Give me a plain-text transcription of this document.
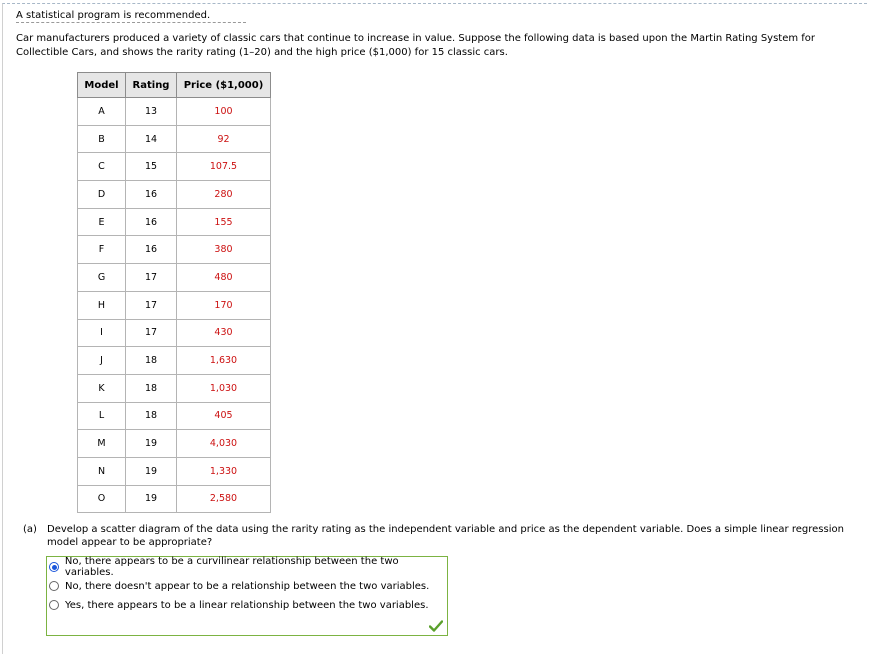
A statistical program is recommended.
Car manufacturers produced a variety of classic cars that continue to increase in value. Suppose the following data is based upon the Martin Rating System for Collectible Cars, and shows the rarity rating (1–20) and the high price ($1,000) for 15 classic cars.
Model	Rating	Price ($1,000)
A	13	100
B	14	92
C	15	107.5
D	16	280
E	16	155
F	16	380
G	17	480
H	17	170
I	17	430
J	18	1,630
K	18	1,030
L	18	405
M	19	4,030
N	19	1,330
O	19	2,580
(a) Develop a scatter diagram of the data using the rarity rating as the independent variable and price as the dependent variable. Does a simple linear regression model appear to be appropriate?
No, there appears to be a curvilinear relationship between the two variables.
No, there doesn't appear to be a relationship between the two variables.
Yes, there appears to be a linear relationship between the two variables.
